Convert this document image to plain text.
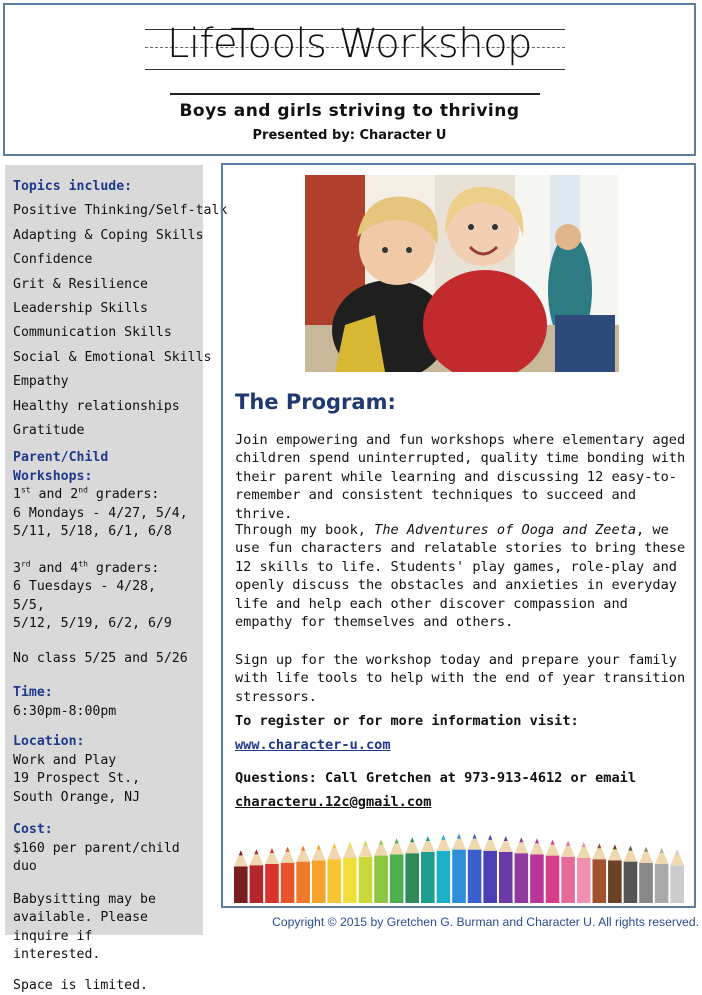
LifeTools Workshop
Boys and girls striving to thriving
Presented by: Character U
Topics include:
Positive Thinking/Self-talk
Adapting & Coping Skills
Confidence
Grit & Resilience
Leadership Skills
Communication Skills
Social & Emotional Skills
Empathy
Healthy relationships
Gratitude
Parent/Child Workshops:
1st and 2nd graders:
6 Mondays - 4/27, 5/4,
5/11, 5/18, 6/1, 6/8
3rd and 4th graders:
6 Tuesdays - 4/28, 5/5,
5/12, 5/19, 6/2, 6/9
No class 5/25 and 5/26
Time:
6:30pm-8:00pm
Location:
Work and Play
19 Prospect St.,
South Orange, NJ
Cost:
$160 per parent/child duo
Babysitting may be
available. Please inquire if
interested.
Space is limited.
The Program:
Join empowering and fun workshops where elementary aged children spend uninterrupted, quality time bonding with their parent while learning and discussing 12 easy-to-remember and consistent techniques to succeed and thrive.
Through my book, The Adventures of Ooga and Zeeta, we use fun characters and relatable stories to bring these 12 skills to life. Students' play games, role-play and openly discuss the obstacles and anxieties in everyday life and help each other discover compassion and empathy for themselves and others.
Sign up for the workshop today and prepare your family with life tools to help with the end of year transition stressors.
To register or for more information visit:
www.character-u.com
Questions: Call Gretchen at 973-913-4612 or email
characteru.12c@gmail.com
Copyright © 2015 by Gretchen G. Burman and Character U. All rights reserved.
